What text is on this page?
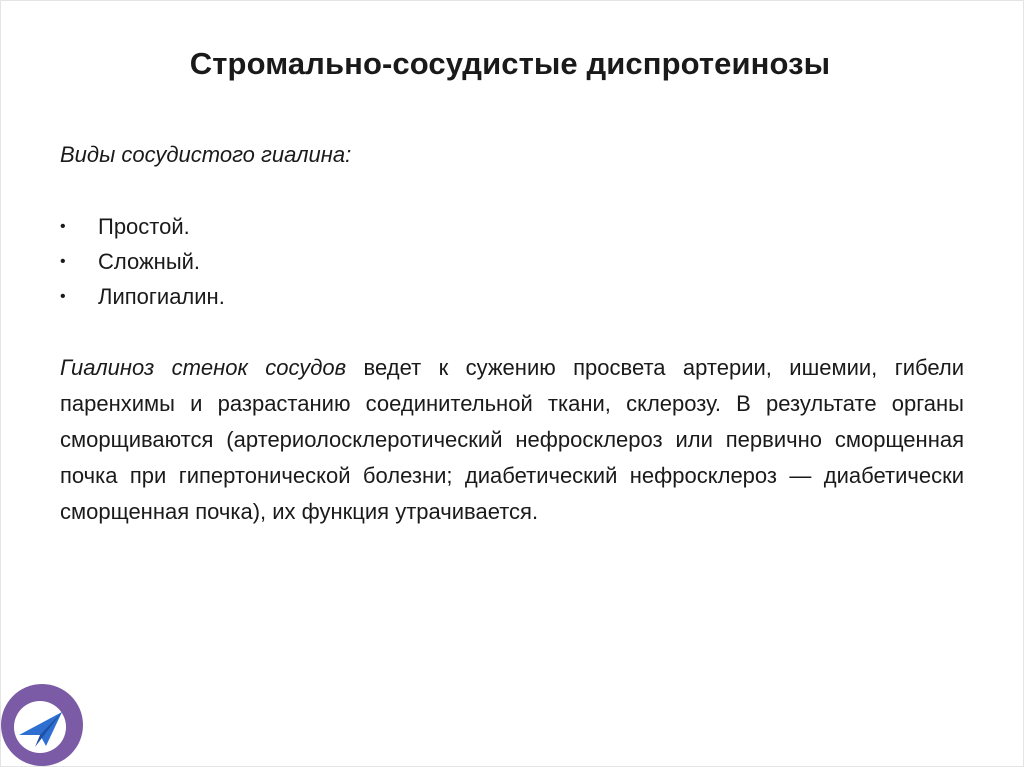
Стромально-сосудистые диспротеинозы
Виды сосудистого гиалина:
• Простой.
• Сложный.
• Липогиалин.

Гиалиноз стенок сосудов ведет к сужению просвета артерии, ишемии, гибели паренхимы и разрастанию соединительной ткани, склерозу. В результате органы сморщиваются (артериолосклеротический нефросклероз или первично сморщенная почка при гипертонической болезни; диабетический нефросклероз — диабетически сморщенная почка), их функция утрачивается.
